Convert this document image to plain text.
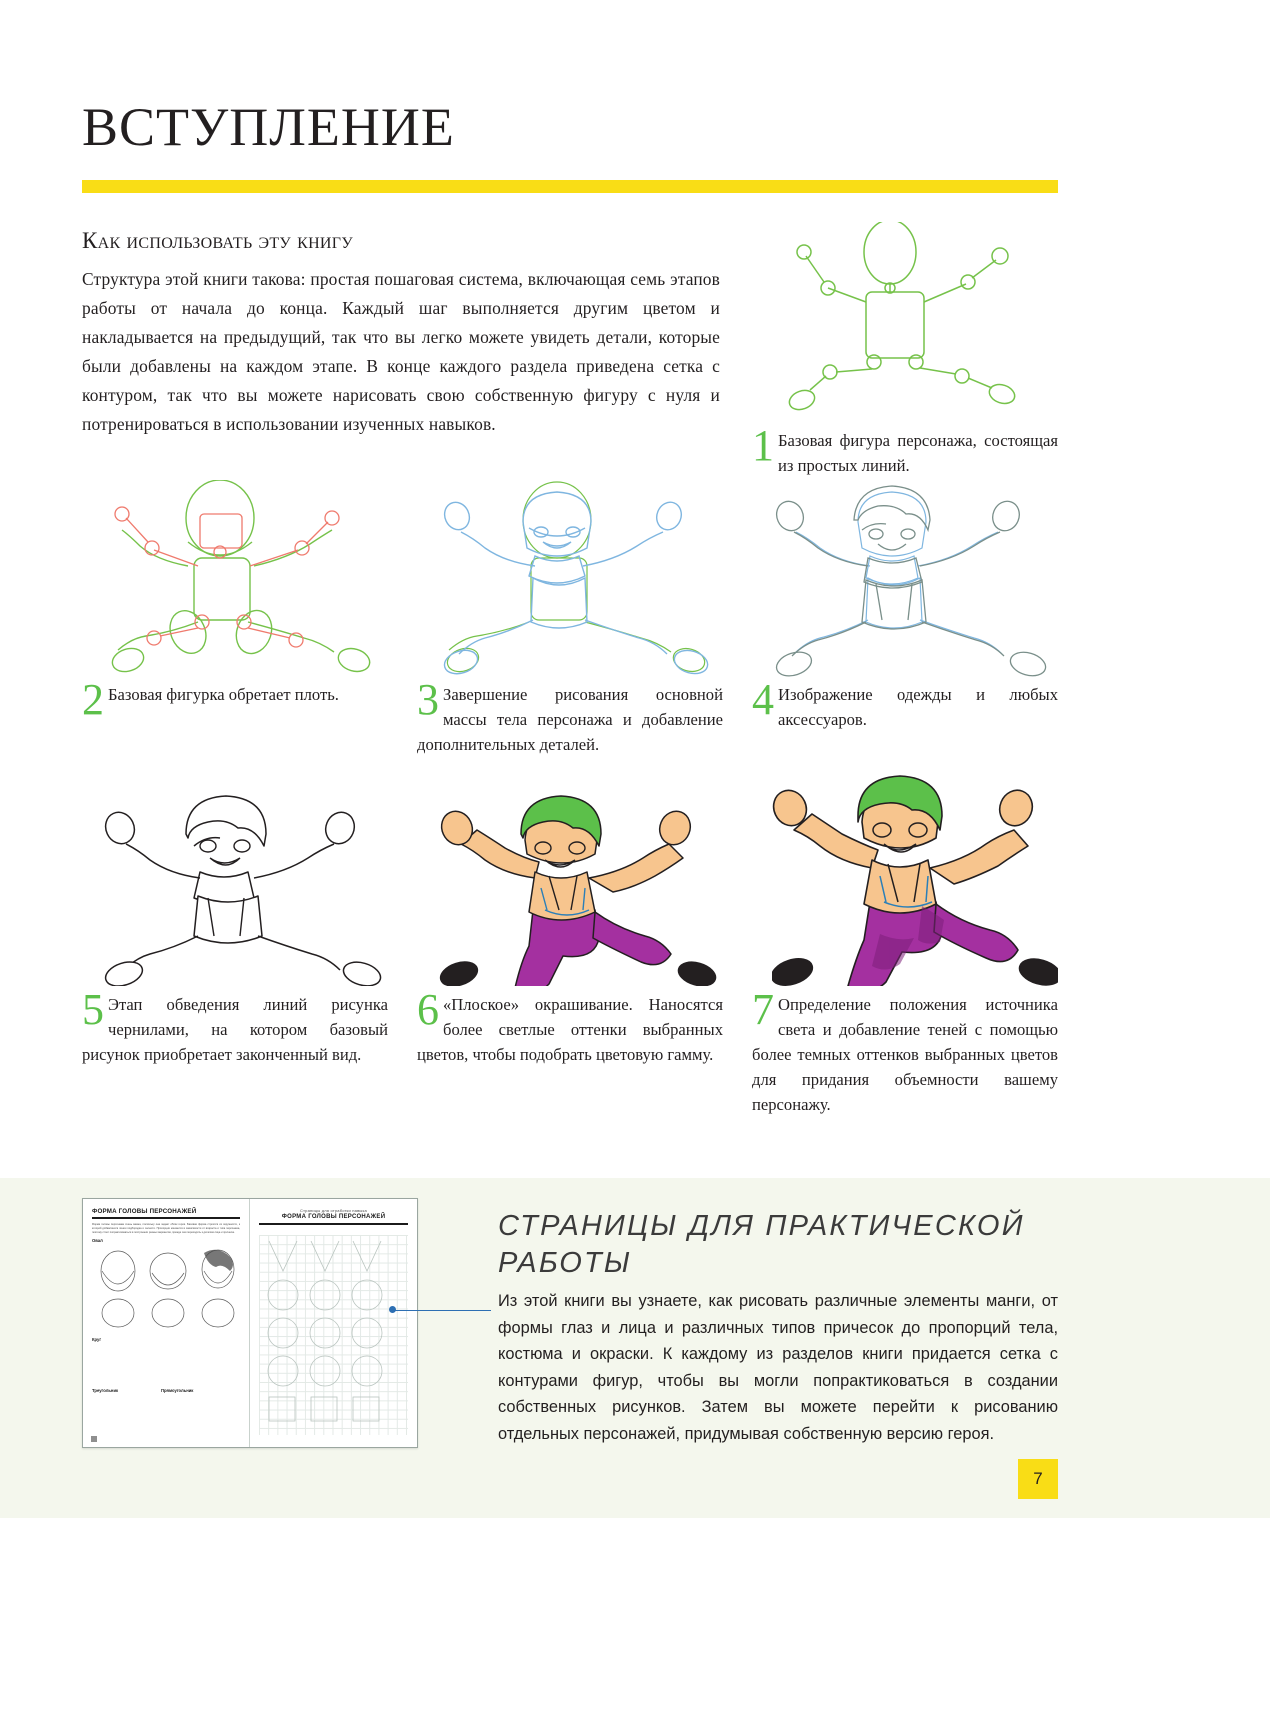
ВСТУПЛЕНИЕ
Как использовать эту книгу
Структура этой книги такова: простая пошаговая система, включающая семь этапов работы от начала до конца. Каждый шаг выполняется другим цветом и накладывается на предыдущий, так что вы легко можете увидеть детали, которые были добавлены на каждом этапе. В конце каждого раздела приведена сетка с контуром, так что вы можете нарисовать свою собственную фигуру с нуля и потренироваться в использовании изученных навыков.	1 Базовая фигура персонажа, состоящая из простых линий.
2 Базовая фигурка обретает плоть.	3 Завершение рисования основной массы тела персонажа и добавление дополнительных деталей.
4 Изображение одежды и любых аксессуаров.
5 Этап обведения линий рисунка чернилами, на котором базовый рисунок приобретает законченный вид.
6 «Плоское» окрашивание. Наносятся более светлые оттенки выбранных цветов, чтобы подобрать цветовую гамму.
7 Определение положения источника света и добавление теней с помощью более темных оттенков выбранных цветов для придания объемности вашему персонажу.
ФОРМА ГОЛОВЫ ПЕРСОНАЖЕЙ
Форма головы персонажа очень важна, поскольку она задает облик героя. Базовая форма строится из окружности, к которой добавляются линии подбородка и челюсти. Пропорции меняются в зависимости от возраста и типа персонажа, поэтому стоит попрактиковаться в построении разных вариантов, прежде чем переходить к деталям лица и прическе.
Овал
Круг
Треугольник	Прямоугольник
Страницы для отработки навыка
ФОРМА ГОЛОВЫ ПЕРСОНАЖЕЙ	СТРАНИЦЫ ДЛЯ ПРАКТИЧЕСКОЙ РАБОТЫ
Из этой книги вы узнаете, как рисовать различные элементы манги, от формы глаз и лица и различных типов причесок до пропорций тела, костюма и окраски. К каждому из разделов книги придается сетка с контурами фигур, чтобы вы могли попрактиковаться в создании собственных рисунков. Затем вы можете перейти к рисованию отдельных персонажей, придумывая собственную версию героя.
7
